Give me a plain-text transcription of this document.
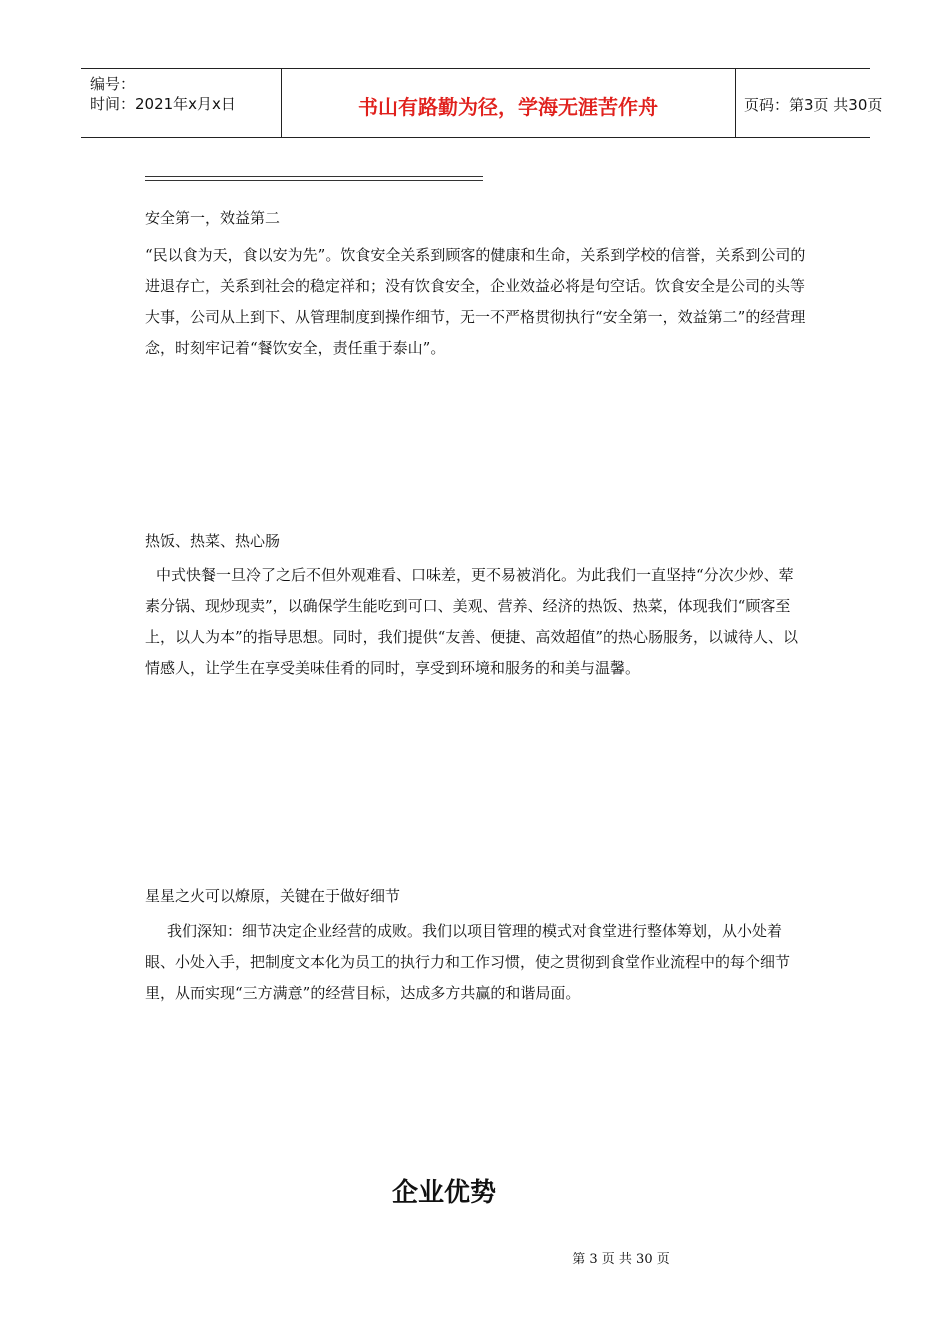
编号：
时间：2021年x月x日	书山有路勤为径，学海无涯苦作舟	页码：第3页 共30页
安全第一，效益第二

“民以食为天，食以安为先”。饮食安全关系到顾客的健康和生命，关系到学校的信誉，关系到公司的进退存亡，关系到社会的稳定祥和；没有饮食安全，企业效益必将是句空话。饮食安全是公司的头等大事，公司从上到下、从管理制度到操作细节，无一不严格贯彻执行“安全第一，效益第二”的经营理念，时刻牢记着“餐饮安全，责任重于泰山”。

热饭、热菜、热心肠

中式快餐一旦冷了之后不但外观难看、口味差，更不易被消化。为此我们一直坚持“分次少炒、荤素分锅、现炒现卖”，以确保学生能吃到可口、美观、营养、经济的热饭、热菜，体现我们“顾客至上，以人为本”的指导思想。同时，我们提供“友善、便捷、高效超值”的热心肠服务，以诚待人、以情感人，让学生在享受美味佳肴的同时，享受到环境和服务的和美与温馨。

星星之火可以燎原，关键在于做好细节

我们深知：细节决定企业经营的成败。我们以项目管理的模式对食堂进行整体筹划，从小处着眼、小处入手，把制度文本化为员工的执行力和工作习惯，使之贯彻到食堂作业流程中的每个细节里，从而实现“三方满意”的经营目标，达成多方共赢的和谐局面。

企业优势
第 3 页 共 30 页
